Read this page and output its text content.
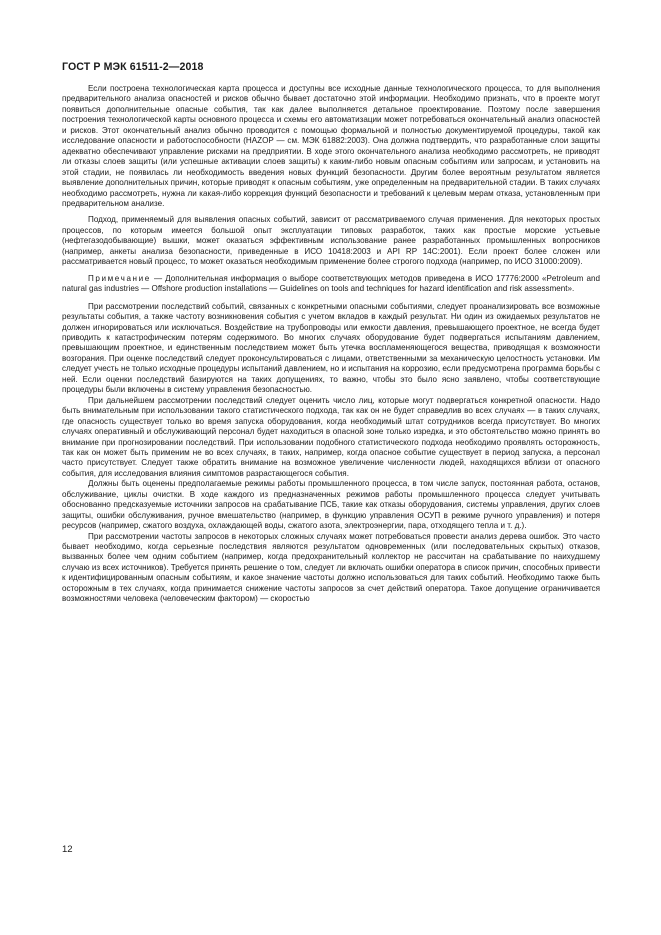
ГОСТ Р МЭК 61511-2—2018

Если построена технологическая карта процесса и доступны все исходные данные технологического процесса, то для выполнения предварительного анализа опасностей и рисков обычно бывает достаточно этой информации. Необходимо признать, что в проекте могут появиться дополнительные опасные события, так как далее выполняется детальное проектирование. Поэтому после завершения построения технологической карты основного процесса и схемы его автоматизации может потребоваться окончательный анализ опасностей и рисков. Этот окончательный анализ обычно проводится с помощью формальной и полностью документируемой процедуры, такой как исследование опасности и работоспособности (HAZOP — см. МЭК 61882:2003). Она должна подтвердить, что разработанные слои защиты адекватно обеспечивают управление рисками на предприятии. В ходе этого окончательного анализа необходимо рассмотреть, не приводят ли отказы слоев защиты (или успешные активации слоев защиты) к каким-либо новым опасным событиям или запросам, и установить на этой стадии, не появилась ли необходимость введения новых функций безопасности. Другим более вероятным результатом является выявление дополнительных причин, которые приводят к опасным событиям, уже определенным на предварительной стадии. В таких случаях необходимо рассмотреть, нужна ли какая-либо коррекция функций безопасности и требований к целевым мерам отказа, установленным при предварительном анализе.

Подход, применяемый для выявления опасных событий, зависит от рассматриваемого случая применения. Для некоторых простых процессов, по которым имеется большой опыт эксплуатации типовых разработок, таких как простые морские устьевые (нефтегазодобывающие) вышки, может оказаться эффективным использование ранее разработанных промышленных вопросников (например, анкеты анализа безопасности, приведенные в ИСО 10418:2003 и API RP 14C:2001). Если проект более сложен или рассматривается новый процесс, то может оказаться необходимым применение более строгого подхода (например, по ИСО 31000:2009).

Примечание — Дополнительная информация о выборе соответствующих методов приведена в ИСО 17776:2000 «Petroleum and natural gas industries — Offshore production installations — Guidelines on tools and techniques for hazard identification and risk assessment».

При рассмотрении последствий событий, связанных с конкретными опасными событиями, следует проанализировать все возможные результаты события, а также частоту возникновения события с учетом вкладов в каждый результат. Ни один из ожидаемых результатов не должен игнорироваться или исключаться. Воздействие на трубопроводы или емкости давления, превышающего проектное, не всегда будет приводить к катастрофическим потерям содержимого. Во многих случаях оборудование будет подвергаться испытаниям давлением, превышающим проектное, и единственным последствием может быть утечка воспламеняющегося вещества, приводящая к возможности возгорания. При оценке последствий следует проконсультироваться с лицами, ответственными за механическую целостность установки. Им следует учесть не только исходные процедуры испытаний давлением, но и испытания на коррозию, если предусмотрена программа борьбы с ней. Если оценки последствий базируются на таких допущениях, то важно, чтобы это было ясно заявлено, чтобы соответствующие процедуры были включены в систему управления безопасностью.

При дальнейшем рассмотрении последствий следует оценить число лиц, которые могут подвергаться конкретной опасности. Надо быть внимательным при использовании такого статистического подхода, так как он не будет справедлив во всех случаях — в таких случаях, где опасность существует только во время запуска оборудования, когда необходимый штат сотрудников всегда присутствует. Во многих случаях оперативный и обслуживающий персонал будет находиться в опасной зоне только изредка, и это обстоятельство можно принять во внимание при прогнозировании последствий. При использовании подобного статистического подхода необходимо проявлять осторожность, так как он может быть применим не во всех случаях, в таких, например, когда опасное событие существует в период запуска, а персонал часто присутствует. Следует также обратить внимание на возможное увеличение численности людей, находящихся вблизи от опасного события, для исследования влияния симптомов разрастающегося события.

Должны быть оценены предполагаемые режимы работы промышленного процесса, в том числе запуск, постоянная работа, останов, обслуживание, циклы очистки. В ходе каждого из предназначенных режимов работы промышленного процесса следует учитывать обоснованно предсказуемые источники запросов на срабатывание ПСБ, такие как отказы оборудования, системы управления, других слоев защиты, ошибки обслуживания, ручное вмешательство (например, в функцию управления ОСУП в режиме ручного управления) и потеря ресурсов (например, сжатого воздуха, охлаждающей воды, сжатого азота, электроэнергии, пара, отходящего тепла и т. д.).

При рассмотрении частоты запросов в некоторых сложных случаях может потребоваться провести анализ дерева ошибок. Это часто бывает необходимо, когда серьезные последствия являются результатом одновременных (или последовательных скрытых) отказов, вызванных более чем одним событием (например, когда предохранительный коллектор не рассчитан на срабатывание по наихудшему случаю из всех источников). Требуется принять решение о том, следует ли включать ошибки оператора в список причин, способных привести к идентифицированным опасным событиям, и какое значение частоты должно использоваться для таких событий. Необходимо также быть осторожным в тех случаях, когда принимается снижение частоты запросов за счет действий оператора. Такое допущение ограничивается возможностями человека (человеческим фактором) — скоростью

12
